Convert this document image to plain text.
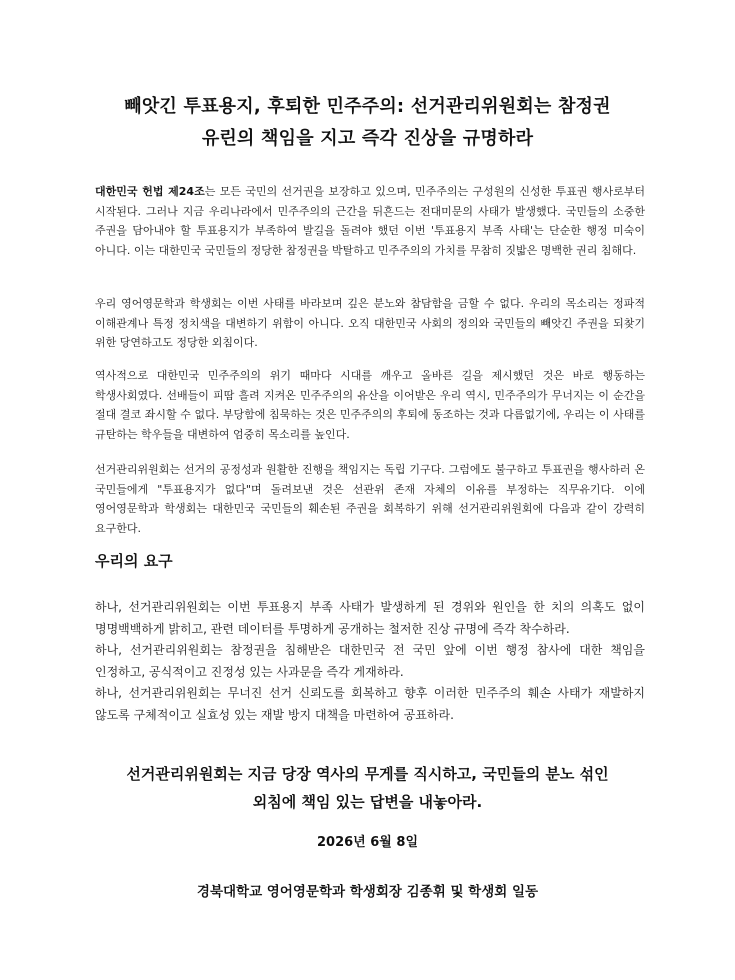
빼앗긴 투표용지, 후퇴한 민주주의: 선거관리위원회는 참정권
유린의 책임을 지고 즉각 진상을 규명하라
대한민국 헌법 제24조는 모든 국민의 선거권을 보장하고 있으며, 민주주의는 구성원의 신성한 투표권 행사로부터 시작된다. 그러나 지금 우리나라에서 민주주의의 근간을 뒤흔드는 전대미문의 사태가 발생했다. 국민들의 소중한 주권을 담아내야 할 투표용지가 부족하여 발길을 돌려야 했던 이번 '투표용지 부족 사태'는 단순한 행정 미숙이 아니다. 이는 대한민국 국민들의 정당한 참정권을 박탈하고 민주주의의 가치를 무참히 짓밟은 명백한 권리 침해다.
우리 영어영문학과 학생회는 이번 사태를 바라보며 깊은 분노와 참담함을 금할 수 없다. 우리의 목소리는 정파적 이해관계나 특정 정치색을 대변하기 위함이 아니다. 오직 대한민국 사회의 정의와 국민들의 빼앗긴 주권을 되찾기 위한 당연하고도 정당한 외침이다.
역사적으로 대한민국 민주주의의 위기 때마다 시대를 깨우고 올바른 길을 제시했던 것은 바로 행동하는 학생사회였다. 선배들이 피땀 흘려 지켜온 민주주의의 유산을 이어받은 우리 역시, 민주주의가 무너지는 이 순간을 절대 결코 좌시할 수 없다. 부당함에 침묵하는 것은 민주주의의 후퇴에 동조하는 것과 다름없기에, 우리는 이 사태를 규탄하는 학우들을 대변하여 엄중히 목소리를 높인다.
선거관리위원회는 선거의 공정성과 원활한 진행을 책임지는 독립 기구다. 그럼에도 불구하고 투표권을 행사하러 온 국민들에게 "투표용지가 없다"며 돌려보낸 것은 선관위 존재 자체의 이유를 부정하는 직무유기다. 이에 영어영문학과 학생회는 대한민국 국민들의 훼손된 주권을 회복하기 위해 선거관리위원회에 다음과 같이 강력히 요구한다.
우리의 요구

하나, 선거관리위원회는 이번 투표용지 부족 사태가 발생하게 된 경위와 원인을 한 치의 의혹도 없이 명명백백하게 밝히고, 관련 데이터를 투명하게 공개하는 철저한 진상 규명에 즉각 착수하라.

하나, 선거관리위원회는 참정권을 침해받은 대한민국 전 국민 앞에 이번 행정 참사에 대한 책임을 인정하고, 공식적이고 진정성 있는 사과문을 즉각 게재하라.

하나, 선거관리위원회는 무너진 선거 신뢰도를 회복하고 향후 이러한 민주주의 훼손 사태가 재발하지 않도록 구체적이고 실효성 있는 재발 방지 대책을 마련하여 공표하라.

선거관리위원회는 지금 당장 역사의 무게를 직시하고, 국민들의 분노 섞인
외침에 책임 있는 답변을 내놓아라.
2026년 6월 8일
경북대학교 영어영문학과 학생회장 김종휘 및 학생회 일동
